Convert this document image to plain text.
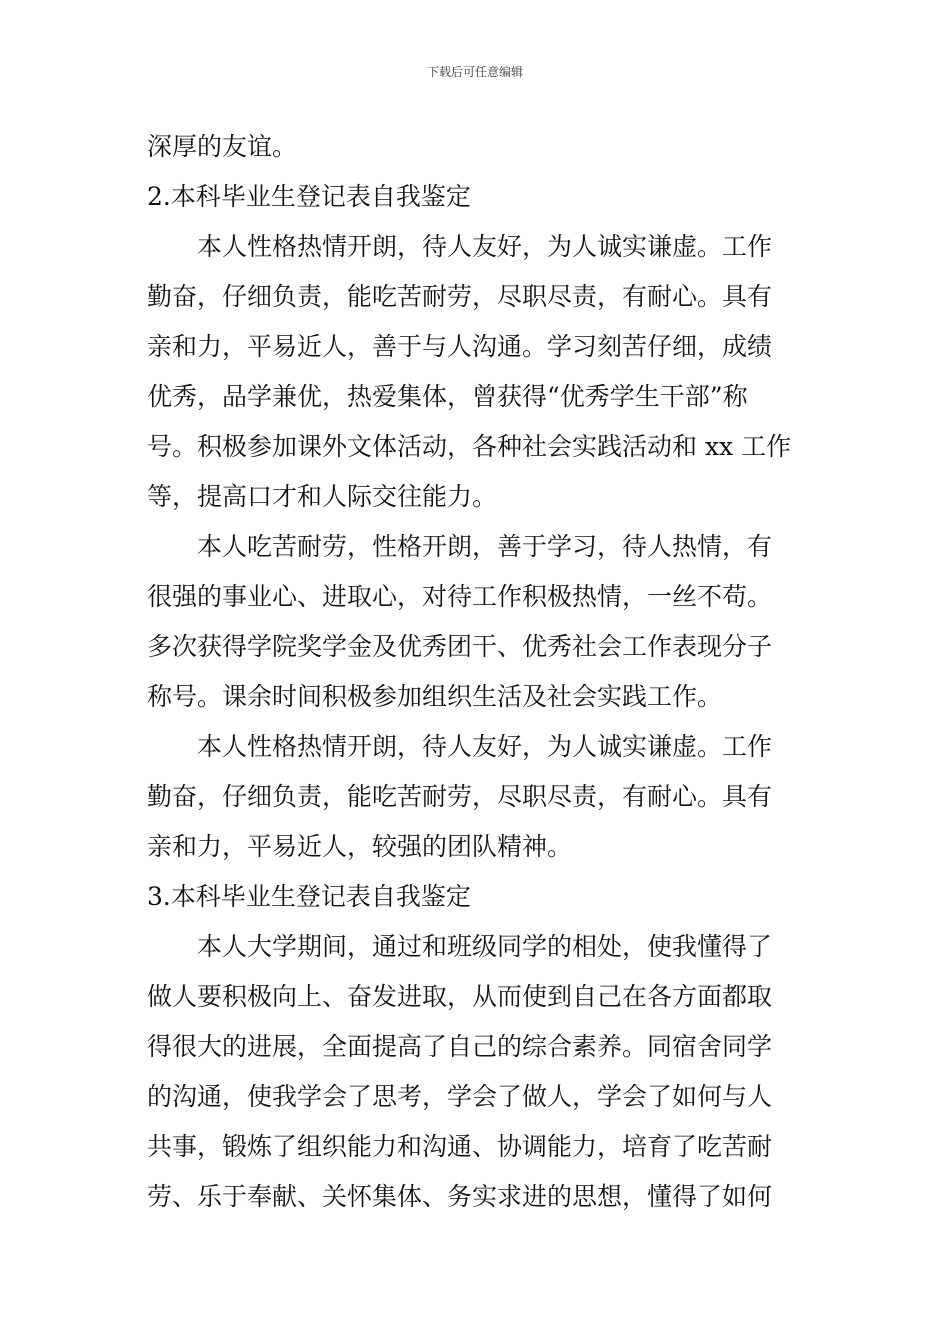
下载后可任意编辑
深厚的友谊。
2.本科毕业生登记表自我鉴定
　　本人性格热情开朗，待人友好，为人诚实谦虚。工作
勤奋，仔细负责，能吃苦耐劳，尽职尽责，有耐心。具有
亲和力，平易近人，善于与人沟通。学习刻苦仔细，成绩
优秀，品学兼优，热爱集体，曾获得“优秀学生干部”称
号。积极参加课外文体活动，各种社会实践活动和 xx 工作
等，提高口才和人际交往能力。
　　本人吃苦耐劳，性格开朗，善于学习，待人热情，有
很强的事业心、进取心，对待工作积极热情，一丝不苟。
多次获得学院奖学金及优秀团干、优秀社会工作表现分子
称号。课余时间积极参加组织生活及社会实践工作。
　　本人性格热情开朗，待人友好，为人诚实谦虚。工作
勤奋，仔细负责，能吃苦耐劳，尽职尽责，有耐心。具有
亲和力，平易近人，较强的团队精神。
3.本科毕业生登记表自我鉴定
　　本人大学期间，通过和班级同学的相处，使我懂得了
做人要积极向上、奋发进取，从而使到自己在各方面都取
得很大的进展，全面提高了自己的综合素养。同宿舍同学
的沟通，使我学会了思考，学会了做人，学会了如何与人
共事，锻炼了组织能力和沟通、协调能力，培育了吃苦耐
劳、乐于奉献、关怀集体、务实求进的思想，懂得了如何
